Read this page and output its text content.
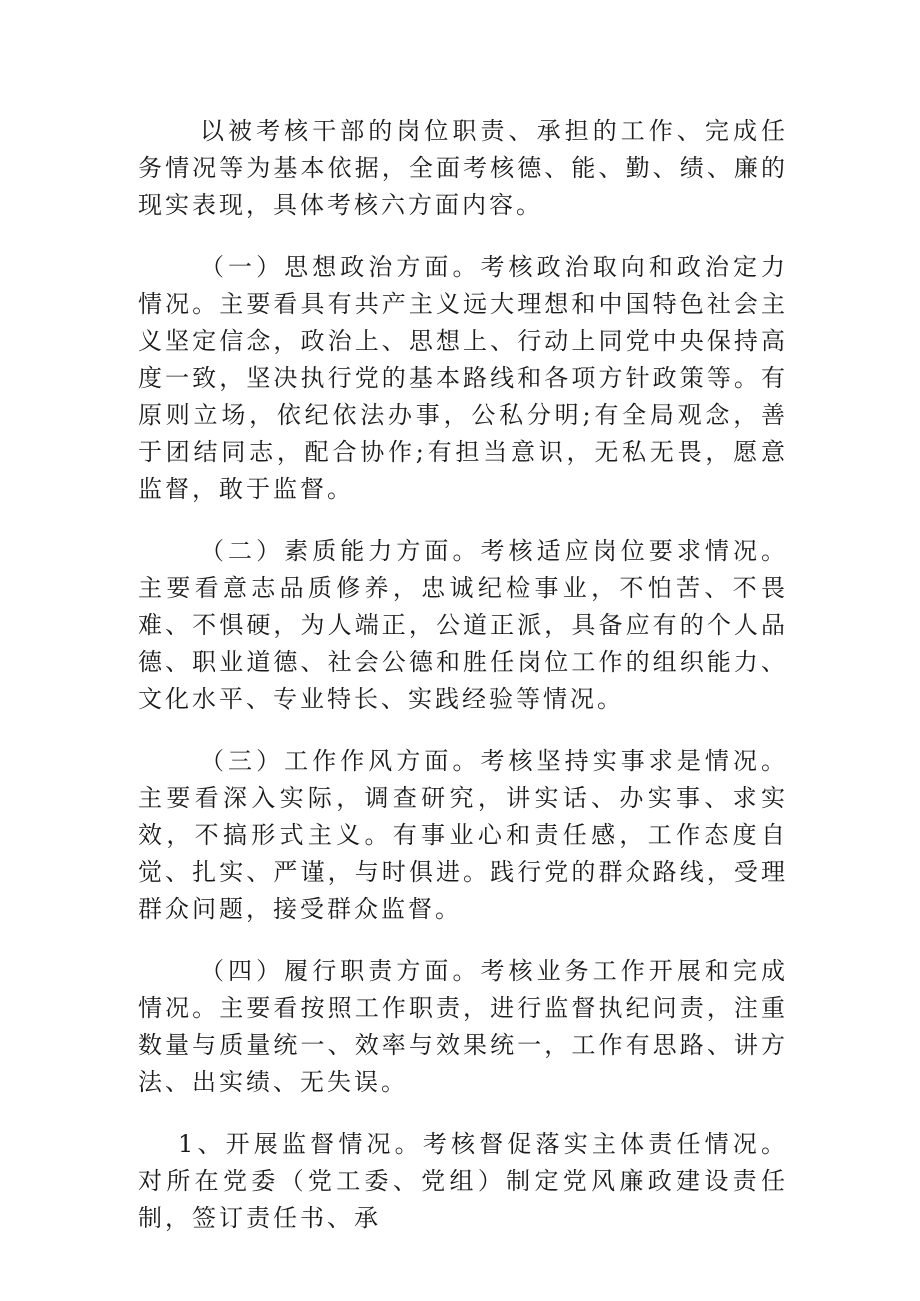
以被考核干部的岗位职责、承担的工作、完成任务情况等为基本依据，全面考核德、能、勤、绩、廉的现实表现，具体考核六方面内容。

（一）思想政治方面。考核政治取向和政治定力情况。主要看具有共产主义远大理想和中国特色社会主义坚定信念，政治上、思想上、行动上同党中央保持高度一致，坚决执行党的基本路线和各项方针政策等。有原则立场，依纪依法办事，公私分明;有全局观念，善于团结同志，配合协作;有担当意识，无私无畏，愿意监督，敢于监督。

（二）素质能力方面。考核适应岗位要求情况。主要看意志品质修养，忠诚纪检事业，不怕苦、不畏难、不惧硬，为人端正，公道正派，具备应有的个人品德、职业道德、社会公德和胜任岗位工作的组织能力、文化水平、专业特长、实践经验等情况。

（三）工作作风方面。考核坚持实事求是情况。主要看深入实际，调查研究，讲实话、办实事、求实效，不搞形式主义。有事业心和责任感，工作态度自觉、扎实、严谨，与时俱进。践行党的群众路线，受理群众问题，接受群众监督。

（四）履行职责方面。考核业务工作开展和完成情况。主要看按照工作职责，进行监督执纪问责，注重数量与质量统一、效率与效果统一，工作有思路、讲方法、出实绩、无失误。

1、开展监督情况。考核督促落实主体责任情况。对所在党委（党工委、党组）制定党风廉政建设责任制，签订责任书、承
